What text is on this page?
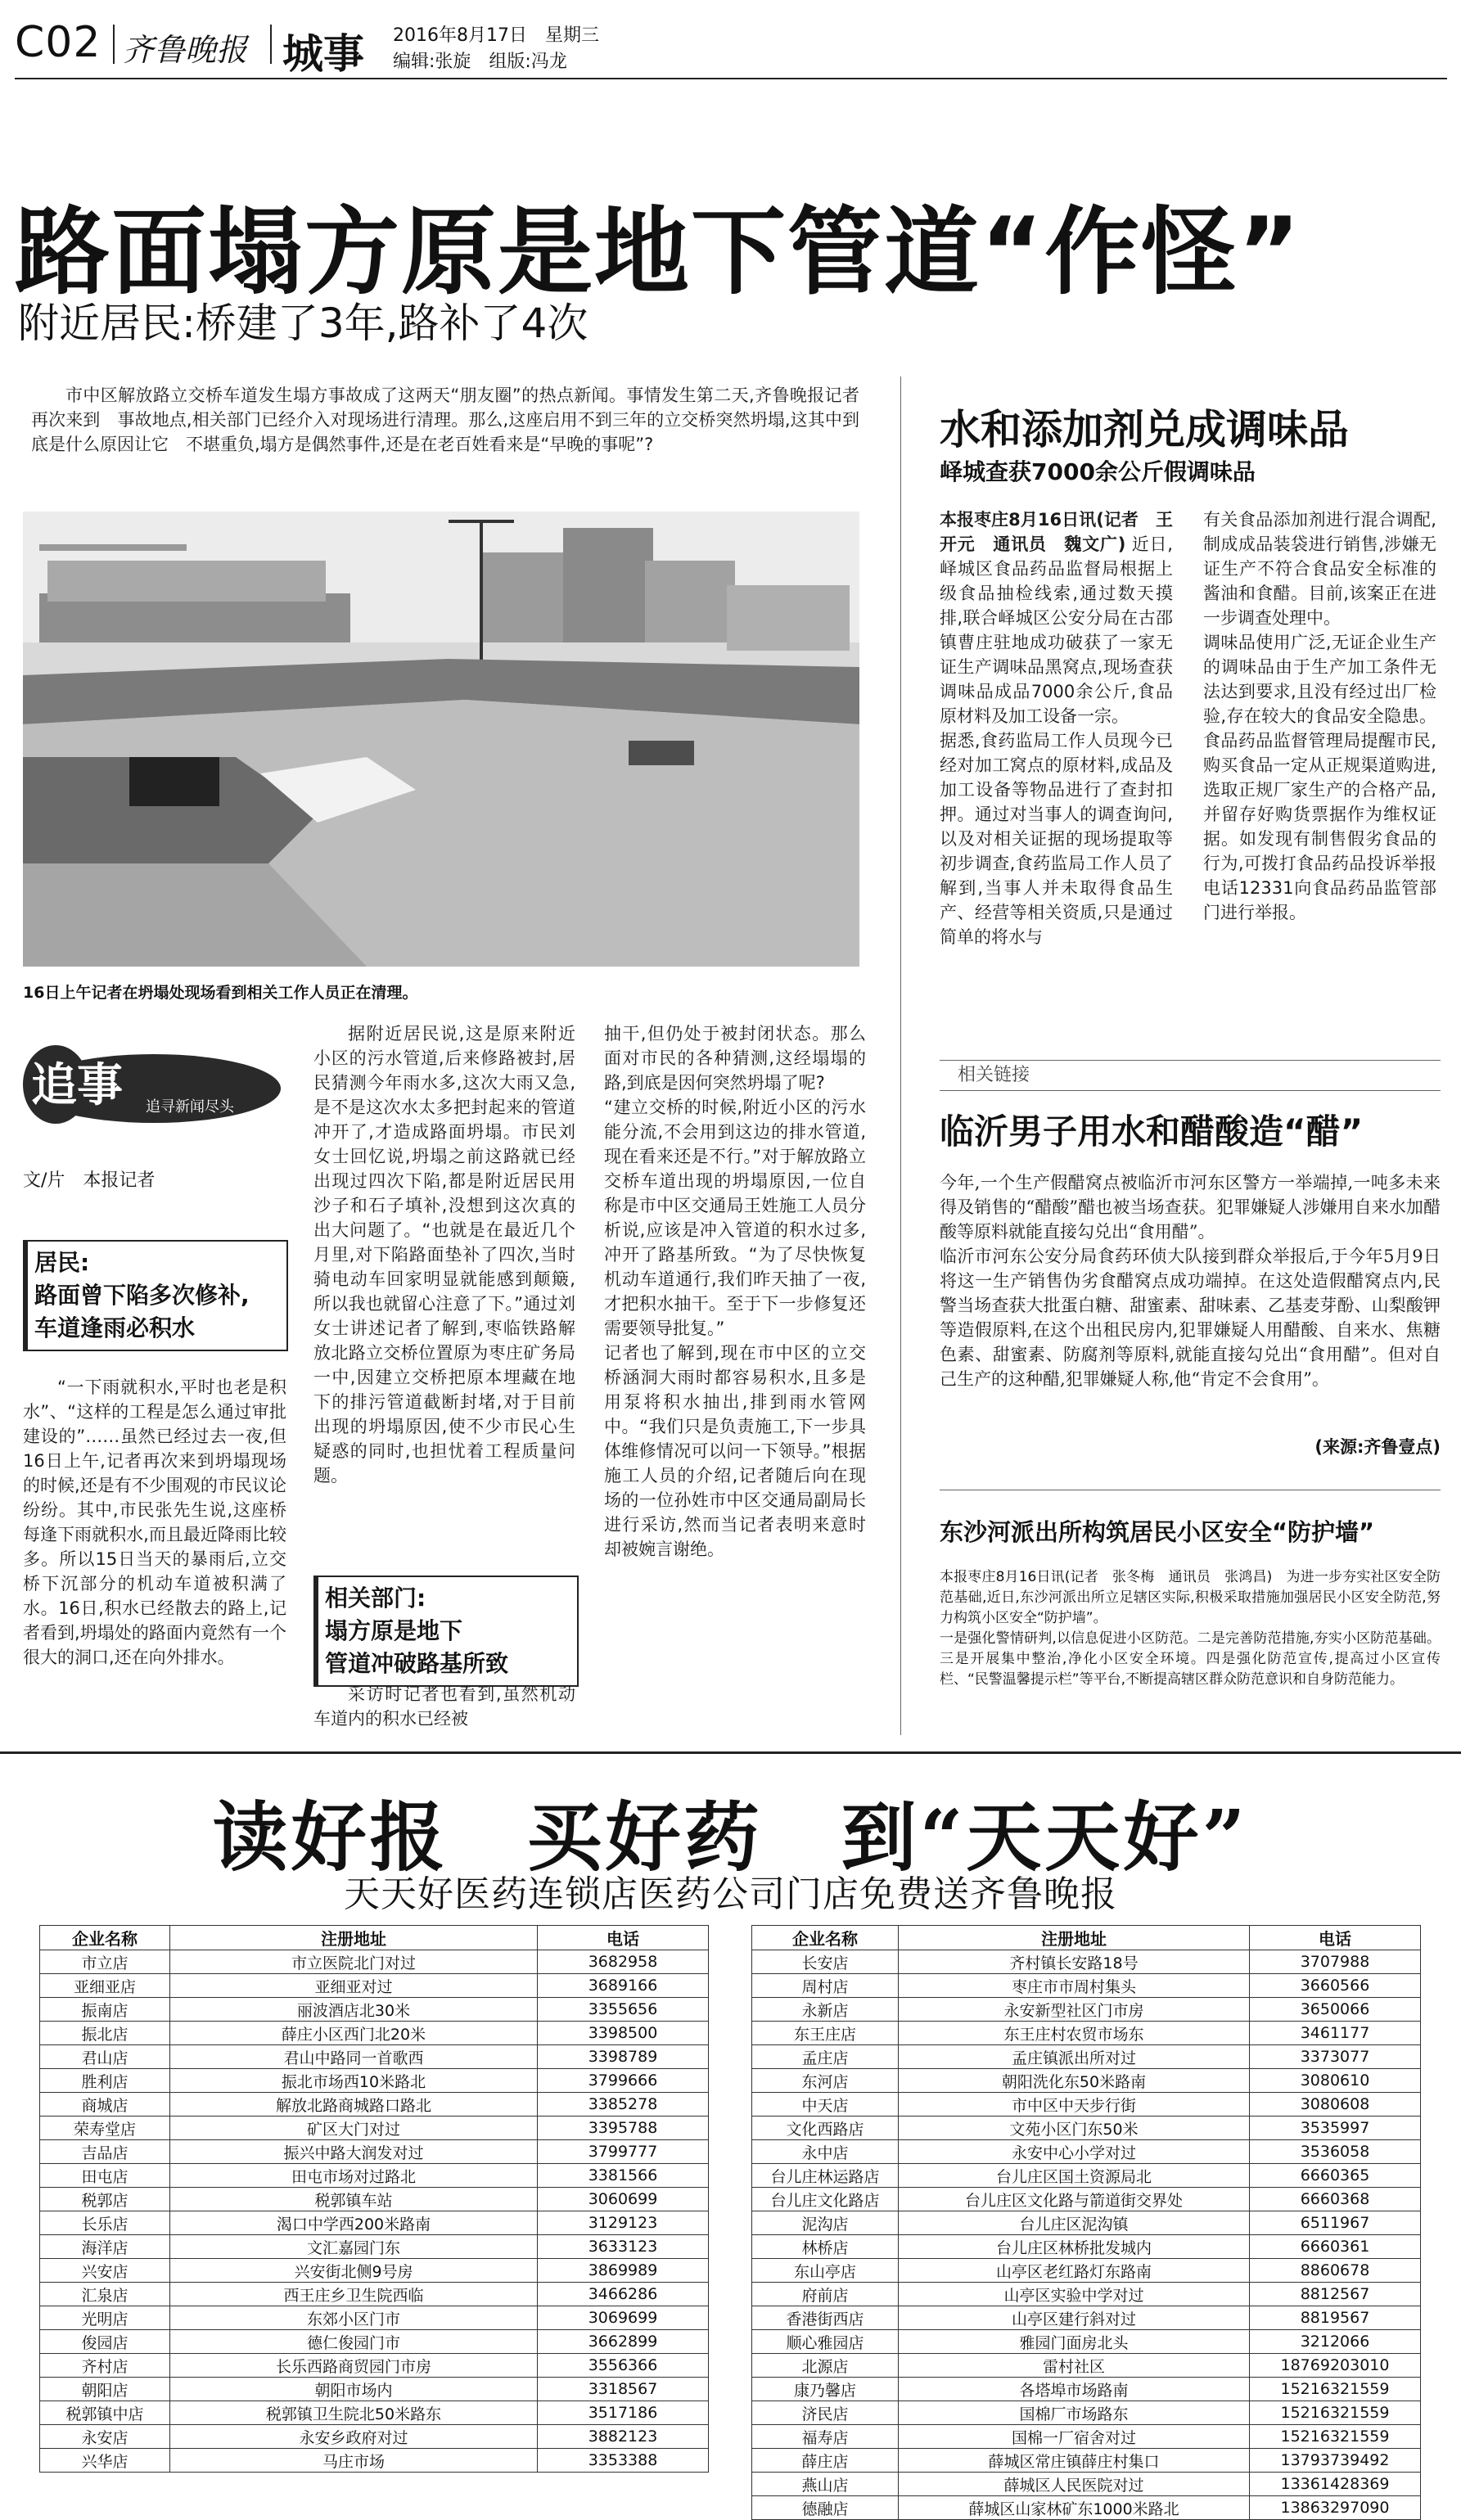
C02 齐鲁晚报 城事 2016年8月17日　星期三
编辑:张旋　组版:冯龙
路面塌方原是地下管道“作怪”
附近居民:桥建了3年,路补了4次
市中区解放路立交桥车道发生塌方事故成了这两天“朋友圈”的热点新闻。事情发生第二天,齐鲁晚报记者再次来到　事故地点,相关部门已经介入对现场进行清理。那么,这座启用不到三年的立交桥突然坍塌,这其中到底是什么原因让它　不堪重负,塌方是偶然事件,还是在老百姓看来是“早晚的事呢”?
16日上午记者在坍塌处现场看到相关工作人员正在清理。
追事
zhuishi
追寻新闻尽头
文/片　本报记者
居民:
路面曾下陷多次修补,
车道逢雨必积水
“一下雨就积水,平时也老是积水”、“这样的工程是怎么通过审批建设的”……虽然已经过去一夜,但16日上午,记者再次来到坍塌现场的时候,还是有不少围观的市民议论纷纷。其中,市民张先生说,这座桥每逢下雨就积水,而且最近降雨比较多。所以15日当天的暴雨后,立交桥下沉部分的机动车道被积满了水。16日,积水已经散去的路上,记者看到,坍塌处的路面内竟然有一个很大的洞口,还在向外排水。
据附近居民说,这是原来附近小区的污水管道,后来修路被封,居民猜测今年雨水多,这次大雨又急,是不是这次水太多把封起来的管道冲开了,才造成路面坍塌。市民刘女士回忆说,坍塌之前这路就已经出现过四次下陷,都是附近居民用沙子和石子填补,没想到这次真的出大问题了。“也就是在最近几个月里,对下陷路面垫补了四次,当时骑电动车回家明显就能感到颠簸,所以我也就留心注意了下。”通过刘女士讲述记者了解到,枣临铁路解放北路立交桥位置原为枣庄矿务局一中,因建立交桥把原本埋藏在地下的排污管道截断封堵,对于目前出现的坍塌原因,使不少市民心生疑惑的同时,也担忧着工程质量问题。
相关部门:
塌方原是地下
管道冲破路基所致
采访时记者也看到,虽然机动车道内的积水已经被
抽干,但仍处于被封闭状态。那么面对市民的各种猜测,这经塌塌的路,到底是因何突然坍塌了呢?
“建立交桥的时候,附近小区的污水能分流,不会用到这边的排水管道,现在看来还是不行。”对于解放路立交桥车道出现的坍塌原因,一位自称是市中区交通局王姓施工人员分析说,应该是冲入管道的积水过多,冲开了路基所致。“为了尽快恢复机动车道通行,我们昨天抽了一夜,才把积水抽干。至于下一步修复还需要领导批复。”
记者也了解到,现在市中区的立交桥涵洞大雨时都容易积水,且多是用泵将积水抽出,排到雨水管网中。“我们只是负责施工,下一步具体维修情况可以问一下领导。”根据施工人员的介绍,记者随后向在现场的一位孙姓市中区交通局副局长进行采访,然而当记者表明来意时却被婉言谢绝。
水和添加剂兑成调味品
峄城查获7000余公斤假调味品
本报枣庄8月16日讯(记者　王开元　通讯员　魏文广) 近日,峄城区食品药品监督局根据上级食品抽检线索,通过数天摸排,联合峄城区公安分局在古邵镇曹庄驻地成功破获了一家无证生产调味品黑窝点,现场查获调味品成品7000余公斤,食品原材料及加工设备一宗。
据悉,食药监局工作人员现今已经对加工窝点的原材料,成品及加工设备等物品进行了查封扣押。通过对当事人的调查询问,以及对相关证据的现场提取等初步调查,食药监局工作人员了解到,当事人并未取得食品生产、经营等相关资质,只是通过简单的将水与
有关食品添加剂进行混合调配,制成成品装袋进行销售,涉嫌无证生产不符合食品安全标准的酱油和食醋。目前,该案正在进一步调查处理中。
调味品使用广泛,无证企业生产的调味品由于生产加工条件无法达到要求,且没有经过出厂检验,存在较大的食品安全隐患。食品药品监督管理局提醒市民,购买食品一定从正规渠道购进,选取正规厂家生产的合格产品,并留存好购货票据作为维权证据。如发现有制售假劣食品的行为,可拨打食品药品投诉举报电话12331向食品药品监管部门进行举报。
相关链接
临沂男子用水和醋酸造“醋”
今年,一个生产假醋窝点被临沂市河东区警方一举端掉,一吨多未来得及销售的“醋酸”醋也被当场查获。犯罪嫌疑人涉嫌用自来水加醋酸等原料就能直接勾兑出“食用醋”。
临沂市河东公安分局食药环侦大队接到群众举报后,于今年5月9日将这一生产销售伪劣食醋窝点成功端掉。在这处造假醋窝点内,民警当场查获大批蛋白糖、甜蜜素、甜味素、乙基麦芽酚、山梨酸钾等造假原料,在这个出租民房内,犯罪嫌疑人用醋酸、自来水、焦糖色素、甜蜜素、防腐剂等原料,就能直接勾兑出“食用醋”。但对自己生产的这种醋,犯罪嫌疑人称,他“肯定不会食用”。
(来源:齐鲁壹点)
东沙河派出所构筑居民小区安全“防护墙”
本报枣庄8月16日讯(记者　张冬梅　通讯员　张鸿昌)　为进一步夯实社区安全防范基础,近日,东沙河派出所立足辖区实际,积极采取措施加强居民小区安全防范,努力构筑小区安全“防护墙”。
一是强化警情研判,以信息促进小区防范。二是完善防范措施,夯实小区防范基础。三是开展集中整治,净化小区安全环境。四是强化防范宣传,提高过小区宣传栏、“民警温馨提示栏”等平台,不断提高辖区群众防范意识和自身防范能力。
读好报　买好药　到“天天好”
天天好医药连锁店医药公司门店免费送齐鲁晚报
企业名称	注册地址	电话
市立店	市立医院北门对过	3682958
亚细亚店	亚细亚对过	3689166
振南店	丽波酒店北30米	3355656
振北店	薛庄小区西门北20米	3398500
君山店	君山中路同一首歌西	3398789
胜利店	振北市场西10米路北	3799666
商城店	解放北路商城路口路北	3385278
荣寿堂店	矿区大门对过	3395788
吉品店	振兴中路大润发对过	3799777
田屯店	田屯市场对过路北	3381566
税郭店	税郭镇车站	3060699
长乐店	渴口中学西200米路南	3129123
海洋店	文汇嘉园门东	3633123
兴安店	兴安街北侧9号房	3869989
汇泉店	西王庄乡卫生院西临	3466286
光明店	东郊小区门市	3069699
俊园店	德仁俊园门市	3662899
齐村店	长乐西路商贸园门市房	3556366
朝阳店	朝阳市场内	3318567
税郭镇中店	税郭镇卫生院北50米路东	3517186
永安店	永安乡政府对过	3882123
兴华店	马庄市场	3353388
企业名称	注册地址	电话
长安店	齐村镇长安路18号	3707988
周村店	枣庄市市周村集头	3660566
永新店	永安新型社区门市房	3650066
东王庄店	东王庄村农贸市场东	3461177
孟庄店	孟庄镇派出所对过	3373077
东河店	朝阳洗化东50米路南	3080610
中天店	市中区中天步行街	3080608
文化西路店	文苑小区门东50米	3535997
永中店	永安中心小学对过	3536058
台儿庄林运路店	台儿庄区国土资源局北	6660365
台儿庄文化路店	台儿庄区文化路与箭道街交界处	6660368
泥沟店	台儿庄区泥沟镇	6511967
林桥店	台儿庄区林桥批发城内	6660361
东山亭店	山亭区老红路灯东路南	8860678
府前店	山亭区实验中学对过	8812567
香港街西店	山亭区建行斜对过	8819567
顺心雅园店	雅园门面房北头	3212066
北源店	雷村社区	18769203010
康乃馨店	各塔埠市场路南	15216321559
济民店	国棉厂市场路东	15216321559
福寿店	国棉一厂宿舍对过	15216321559
薛庄店	薛城区常庄镇薛庄村集口	13793739492
燕山店	薛城区人民医院对过	13361428369
德融店	薛城区山家林矿东1000米路北	13863297090
